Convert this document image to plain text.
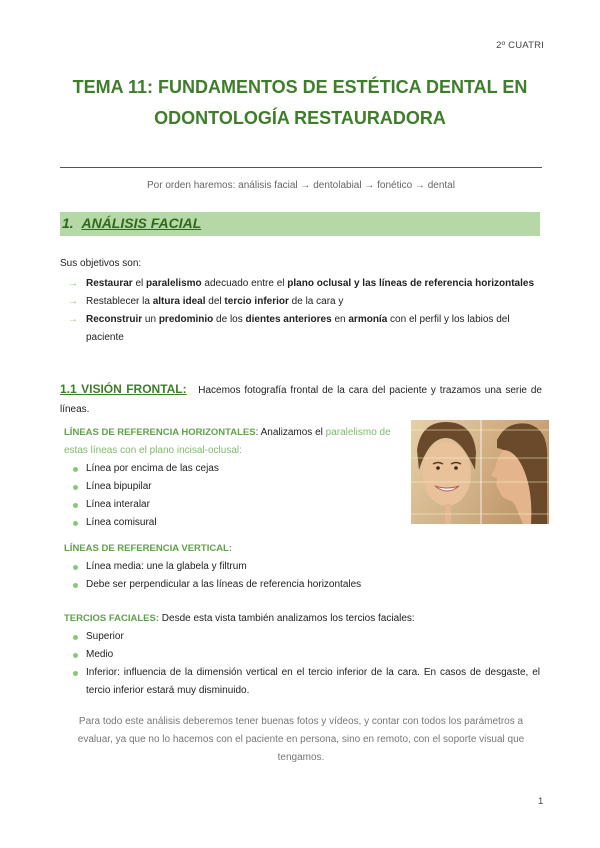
2º CUATRI
TEMA 11: FUNDAMENTOS DE ESTÉTICA DENTAL EN
ODONTOLOGÍA RESTAURADORA
Por orden haremos: análisis facial → dentolabial → fonético → dental
1. ANÁLISIS FACIAL
Sus objetivos son:
→ Restaurar el paralelismo adecuado entre el plano oclusal y las líneas de referencia horizontales
→ Restablecer la altura ideal del tercio inferior de la cara y
→ Reconstruir un predominio de los dientes anteriores en armonía con el perfil y los labios del paciente
1.1 VISIÓN FRONTAL: Hacemos fotografía frontal de la cara del paciente y trazamos una serie de líneas.
LÍNEAS DE REFERENCIA HORIZONTALES: Analizamos el paralelismo de estas líneas con el plano incisal-oclusal:
Línea por encima de las cejas
Línea bipupilar
Línea interalar
Línea comisural
LÍNEAS DE REFERENCIA VERTICAL:
Línea media: une la glabela y filtrum
Debe ser perpendicular a las líneas de referencia horizontales
TERCIOS FACIALES: Desde esta vista también analizamos los tercios faciales:
Superior
Medio
Inferior: influencia de la dimensión vertical en el tercio inferior de la cara. En casos de desgaste, el tercio inferior estará muy disminuido.
Para todo este análisis deberemos tener buenas fotos y vídeos, y contar con todos los parámetros a evaluar, ya que no lo hacemos con el paciente en persona, sino en remoto, con el soporte visual que tengamos.
1
